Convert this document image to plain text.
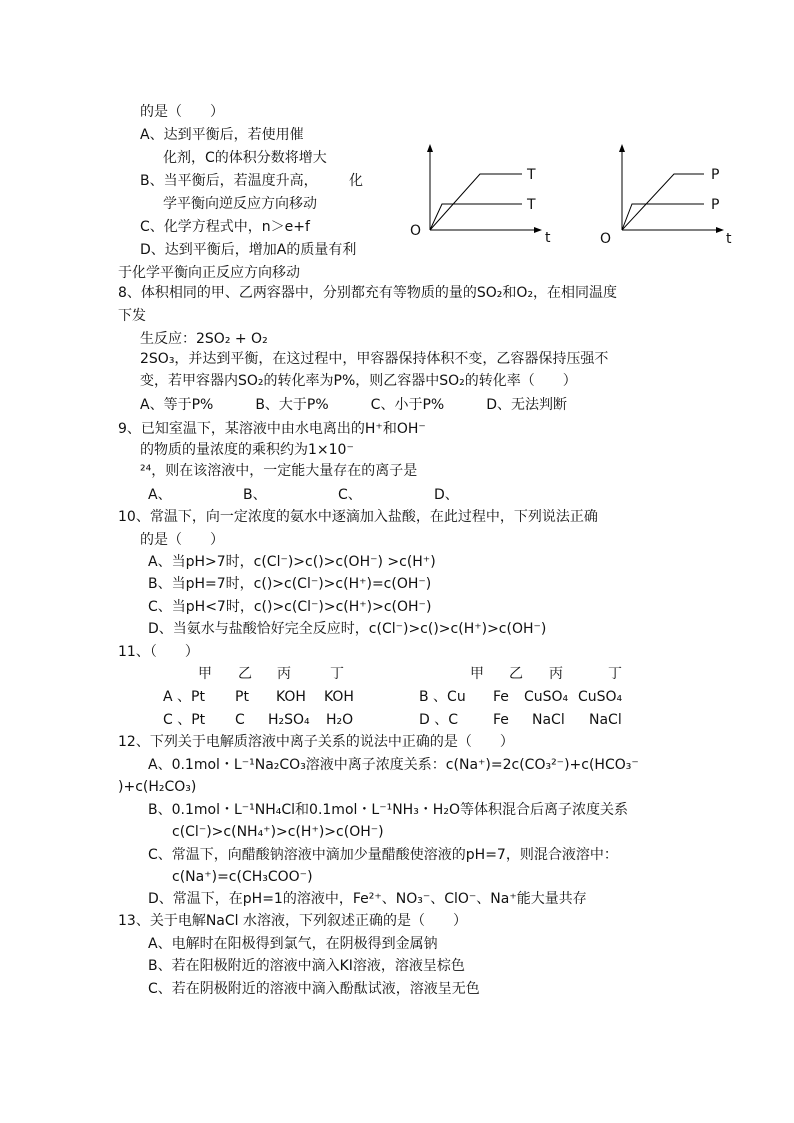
的是（　　）
A、达到平衡后，若使用催
化剂，C的体积分数将增大
B、当平衡后，若温度升高， 化
学平衡向逆反应方向移动
C、化学方程式中，n＞e+f
D、达到平衡后，增加A的质量有利
于化学平衡向正反应方向移动
O	t
T
T
O	t
P
P
8、体积相同的甲、乙两容器中，分别都充有等物质的量的SO₂和O₂，在相同温度
下发
生反应：2SO₂ + O₂
2SO₃，并达到平衡，在这过程中，甲容器保持体积不变，乙容器保持压强不
变，若甲容器内SO₂的转化率为P%，则乙容器中SO₂的转化率（　　）
A、等于P%　　　B、大于P%　　　C、小于P%　　　D、无法判断
9、已知室温下，某溶液中由水电离出的H⁺和OH⁻
的物质的量浓度的乘积约为1×10⁻
²⁴，则在该溶液中，一定能大量存在的离子是
A、	B、	C、	D、
10、常温下，向一定浓度的氨水中逐滴加入盐酸，在此过程中，下列说法正确
的是（　　）
A、当pH>7时，c(Cl⁻)>c()>c(OH⁻) >c(H⁺)
B、当pH=7时，c()>c(Cl⁻)>c(H⁺)=c(OH⁻)
C、当pH<7时，c()>c(Cl⁻)>c(H⁺)>c(OH⁻)
D、当氨水与盐酸恰好完全反应时，c(Cl⁻)>c()>c(H⁺)>c(OH⁻)
11、（　　）
甲 乙 丙	丁	甲 乙 丙	丁
A 、Pt Pt KOH KOH	B 、Cu Fe CuSO₄ CuSO₄
C 、Pt C H₂SO₄ H₂O	D 、C Fe NaCl NaCl
12、下列关于电解质溶液中离子关系的说法中正确的是（　　）
A、0.1mol・L⁻¹Na₂CO₃溶液中离子浓度关系：c(Na⁺)=2c(CO₃²⁻)+c(HCO₃⁻
)+c(H₂CO₃)
B、0.1mol・L⁻¹NH₄Cl和0.1mol・L⁻¹NH₃・H₂O等体积混合后离子浓度关系
c(Cl⁻)>c(NH₄⁺)>c(H⁺)>c(OH⁻)
C、常温下，向醋酸钠溶液中滴加少量醋酸使溶液的pH=7，则混合液溶中：
c(Na⁺)=c(CH₃COO⁻)
D、常温下，在pH=1的溶液中，Fe²⁺、NO₃⁻、ClO⁻、Na⁺能大量共存
13、关于电解NaCl 水溶液，下列叙述正确的是（　　）
A、电解时在阳极得到氯气，在阴极得到金属钠
B、若在阳极附近的溶液中滴入KI溶液，溶液呈棕色
C、若在阴极附近的溶液中滴入酚酞试液，溶液呈无色
